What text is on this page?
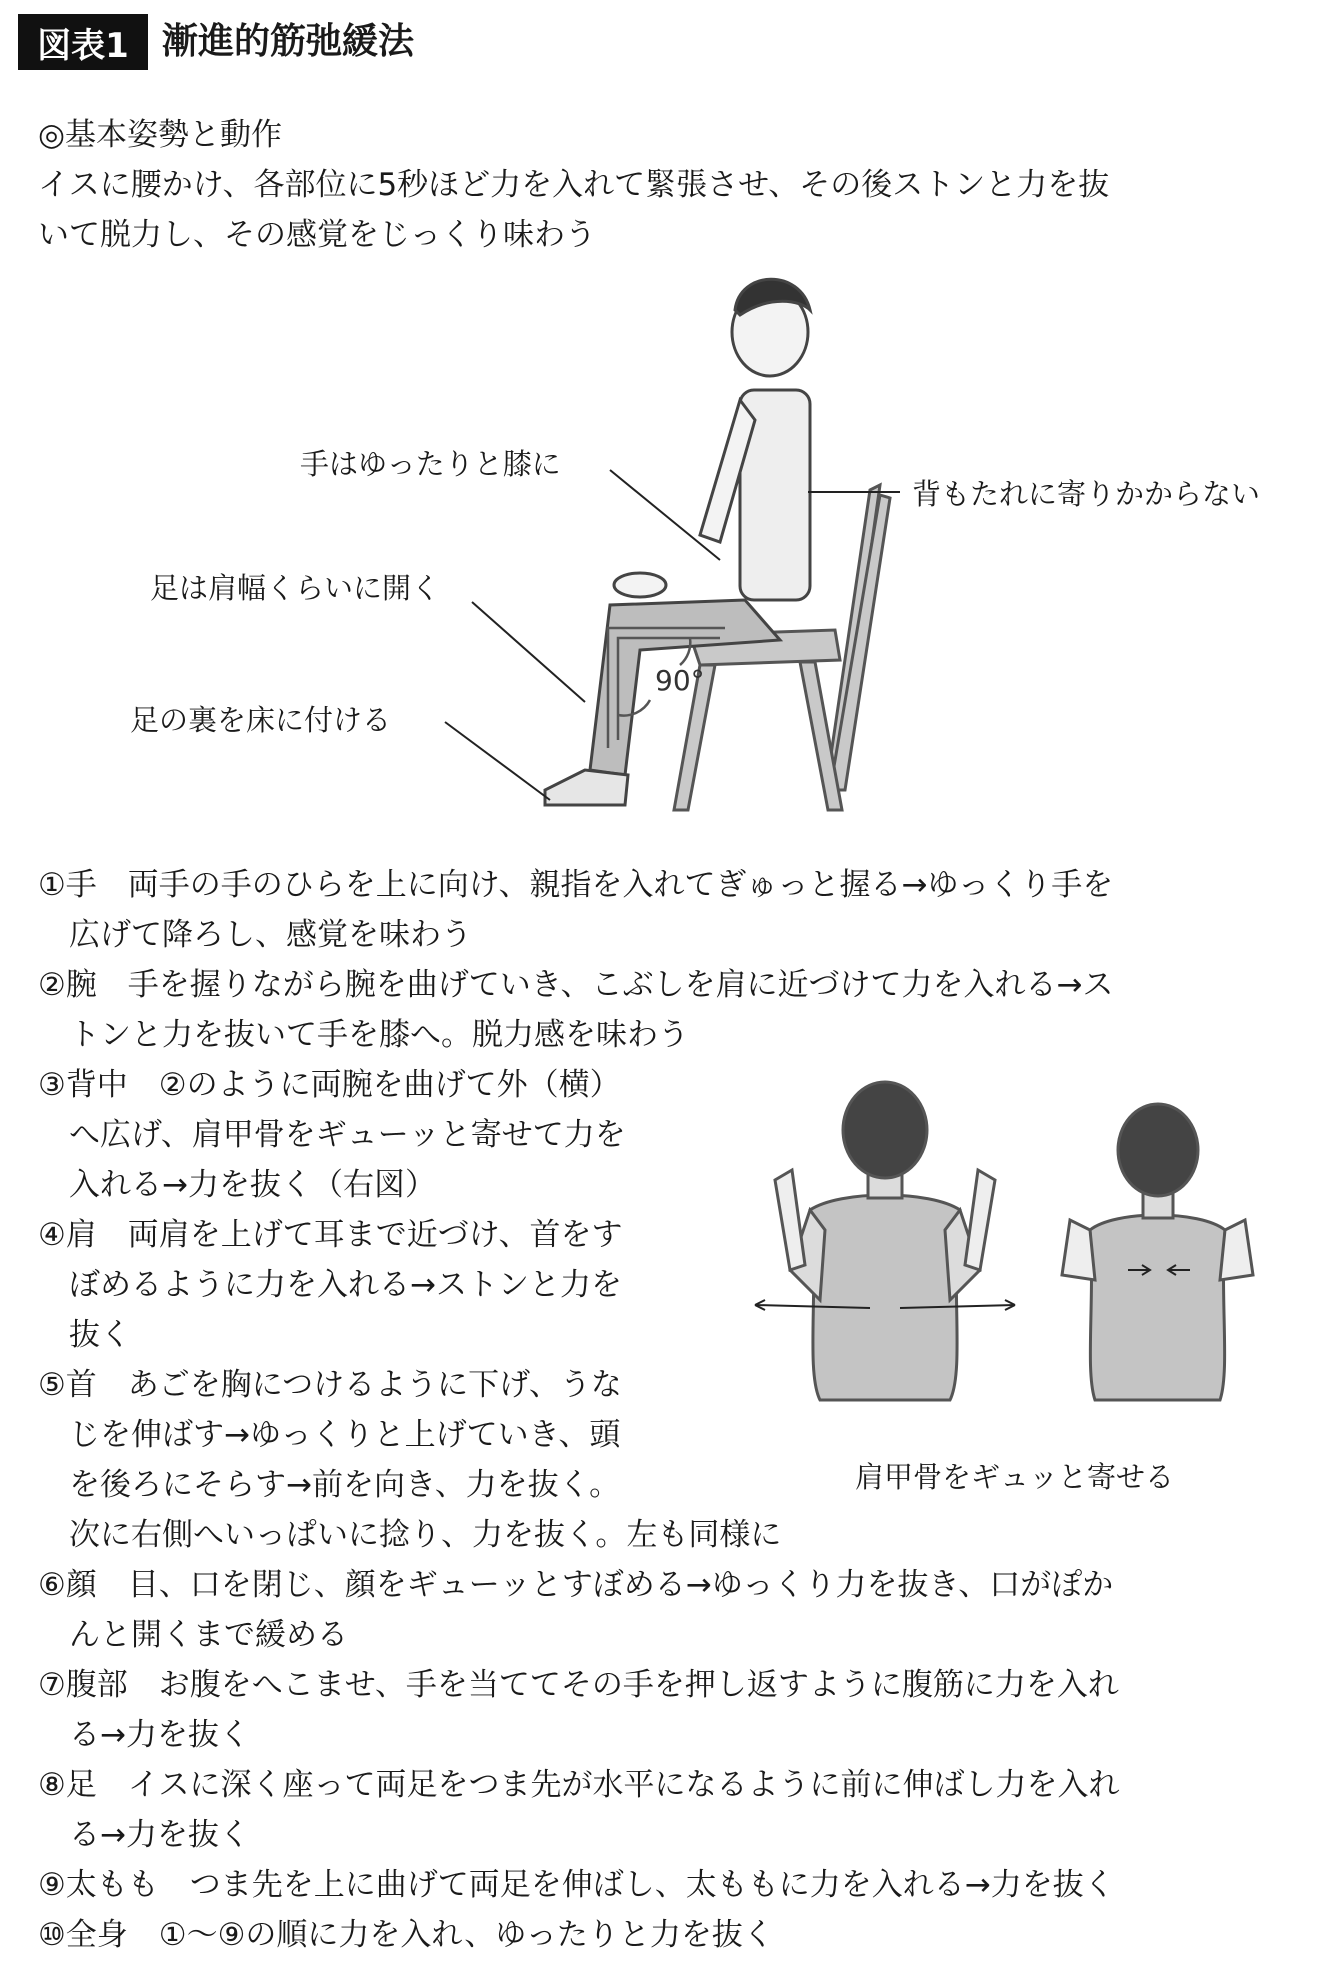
図表1 漸進的筋弛緩法
◎基本姿勢と動作
イスに腰かけ、各部位に5秒ほど力を入れて緊張させ、その後ストンと力を抜
いて脱力し、その感覚をじっくり味わう
90°
手はゆったりと膝に
背もたれに寄りかからない
足は肩幅くらいに開く
足の裏を床に付ける
①手　両手の手のひらを上に向け、親指を入れてぎゅっと握る→ゆっくり手を
　広げて降ろし、感覚を味わう
②腕　手を握りながら腕を曲げていき、こぶしを肩に近づけて力を入れる→ス
　トンと力を抜いて手を膝へ。脱力感を味わう
③背中　②のように両腕を曲げて外（横）
　へ広げ、肩甲骨をギューッと寄せて力を
　入れる→力を抜く（右図）
④肩　両肩を上げて耳まで近づけ、首をす
　ぼめるように力を入れる→ストンと力を
　抜く
⑤首　あごを胸につけるように下げ、うな
　じを伸ばす→ゆっくりと上げていき、頭
　を後ろにそらす→前を向き、力を抜く。
　次に右側へいっぱいに捻り、力を抜く。左も同様に
⑥顔　目、口を閉じ、顔をギューッとすぼめる→ゆっくり力を抜き、口がぽか
　んと開くまで緩める
⑦腹部　お腹をへこませ、手を当ててその手を押し返すように腹筋に力を入れ
　る→力を抜く
⑧足　イスに深く座って両足をつま先が水平になるように前に伸ばし力を入れ
　る→力を抜く
⑨太もも　つま先を上に曲げて両足を伸ばし、太ももに力を入れる→力を抜く
⑩全身　①〜⑨の順に力を入れ、ゆったりと力を抜く
肩甲骨をギュッと寄せる
